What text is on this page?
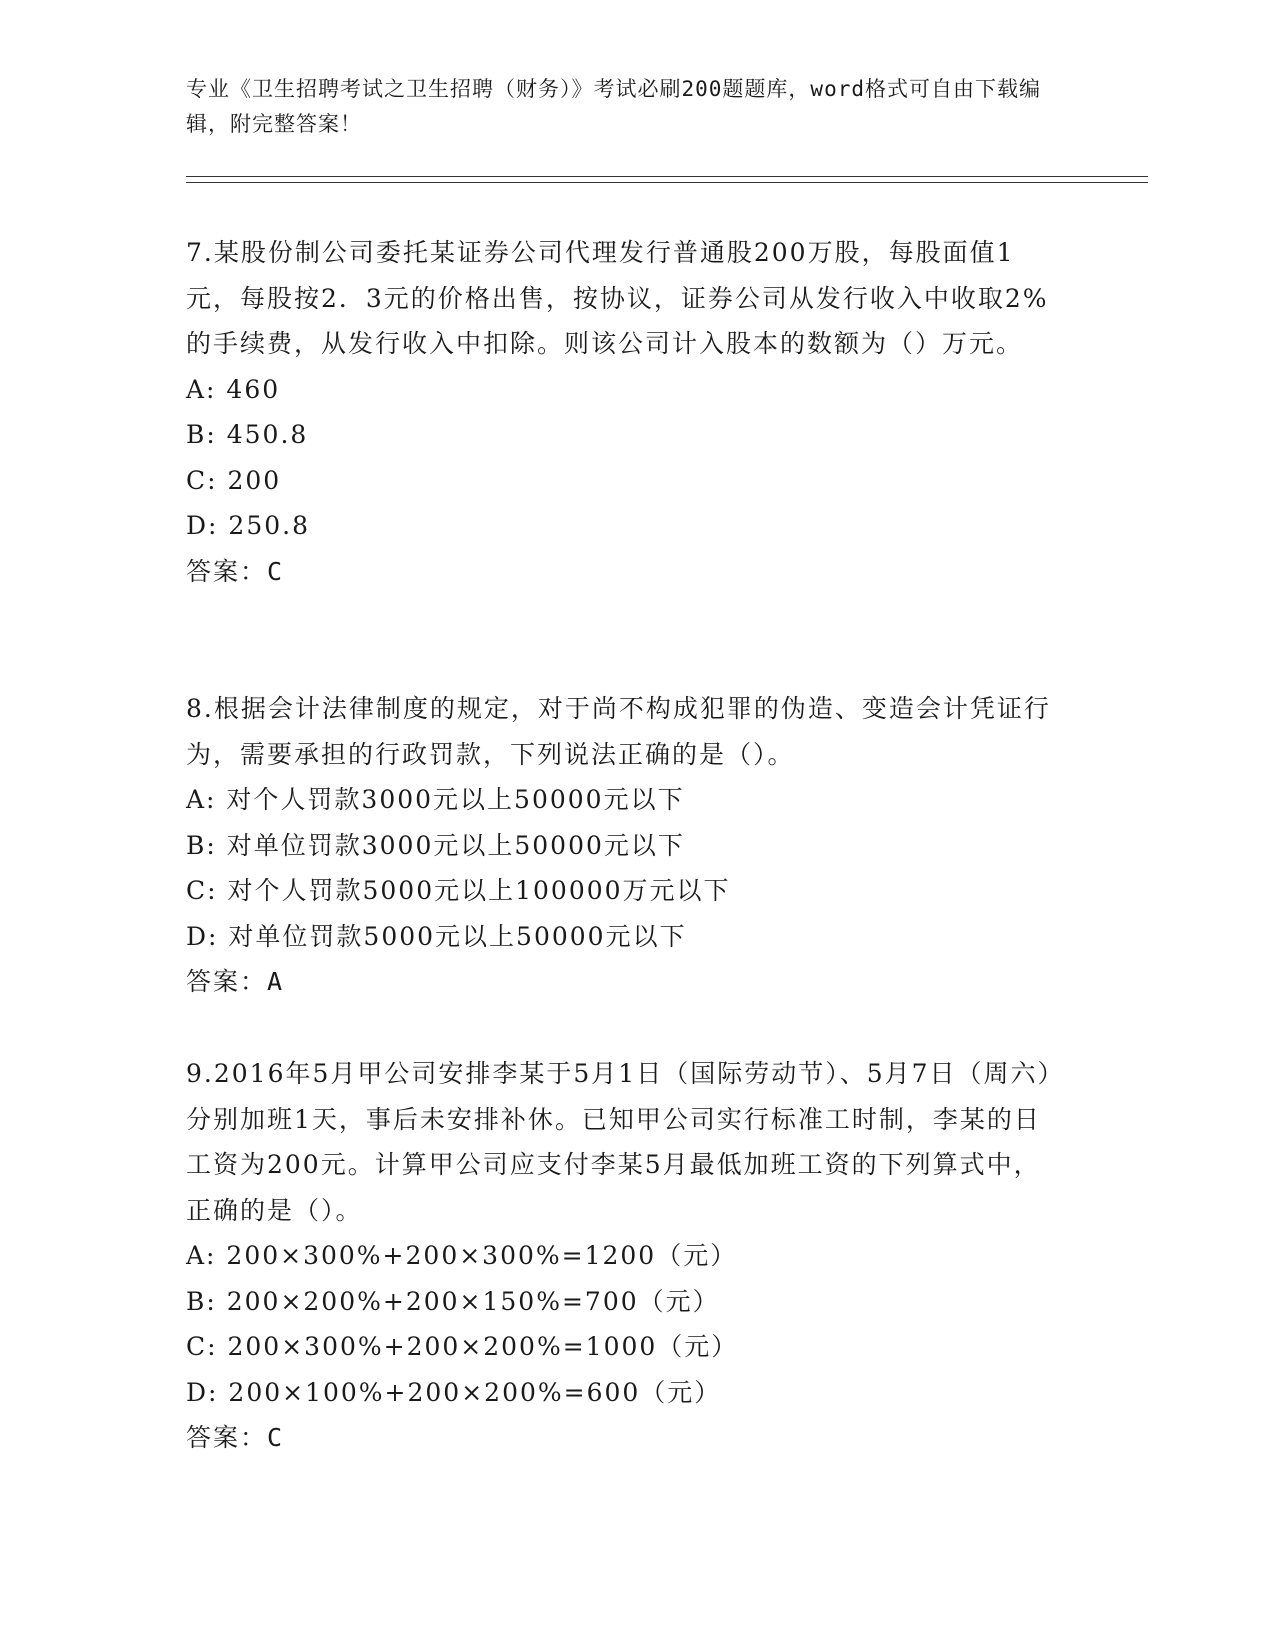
专业《卫生招聘考试之卫生招聘（财务）》考试必刷200题题库，word格式可自由下载编辑，附完整答案！

7.某股份制公司委托某证券公司代理发行普通股200万股，每股面值1元，每股按2．3元的价格出售，按协议，证券公司从发行收入中收取2%的手续费，从发行收入中扣除。则该公司计入股本的数额为（）万元。

A: 460

B: 450.8

C: 200

D: 250.8

答案：C

8.根据会计法律制度的规定，对于尚不构成犯罪的伪造、变造会计凭证行为，需要承担的行政罚款，下列说法正确的是（）。

A: 对个人罚款3000元以上50000元以下

B: 对单位罚款3000元以上50000元以下

C: 对个人罚款5000元以上100000万元以下

D: 对单位罚款5000元以上50000元以下

答案：A

9.2016年5月甲公司安排李某于5月1日（国际劳动节）、5月7日（周六）分别加班1天，事后未安排补休。已知甲公司实行标准工时制，李某的日工资为200元。计算甲公司应支付李某5月最低加班工资的下列算式中，正确的是（）。

A: 200×300%+200×300%=1200（元）

B: 200×200%+200×150%=700（元）

C: 200×300%+200×200%=1000（元）

D: 200×100%+200×200%=600（元）

答案：C
